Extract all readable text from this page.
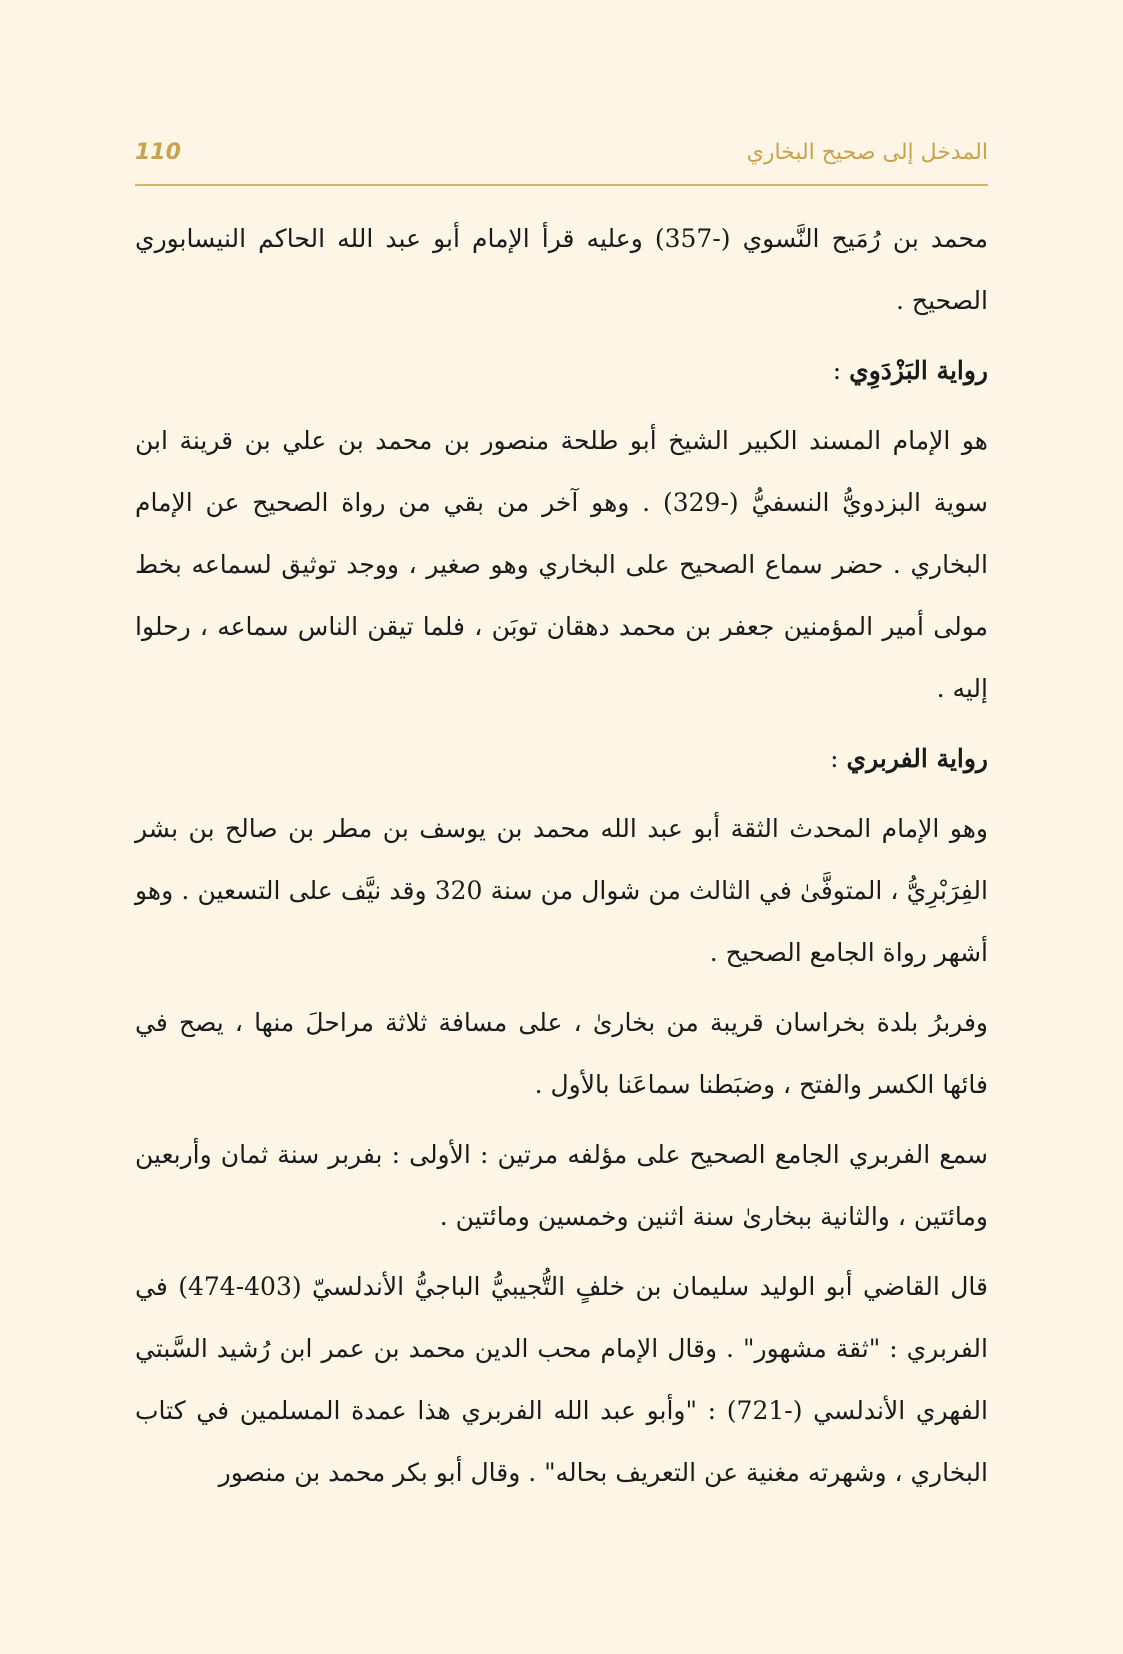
110	المدخل إلى صحيح البخاري

محمد بن رُمَيح النَّسوي (-357) وعليه قرأ الإمام أبو عبد الله الحاكم النيسابوري الصحيح .

رواية البَزْدَوِي :

هو الإمام المسند الكبير الشيخ أبو طلحة منصور بن محمد بن علي بن قرينة ابن سوية البزدويُّ النسفيُّ (-329) . وهو آخر من بقي من رواة الصحيح عن الإمام البخاري . حضر سماع الصحيح على البخاري وهو صغير ، ووجد توثيق لسماعه بخط مولى أمير المؤمنين جعفر بن محمد دهقان توبَن ، فلما تيقن الناس سماعه ، رحلوا إليه .

رواية الفربري :

وهو الإمام المحدث الثقة أبو عبد الله محمد بن يوسف بن مطر بن صالح بن بشر الفِرَبْرِيُّ ، المتوفَّىٰ في الثالث من شوال من سنة 320 وقد نيَّف على التسعين . وهو أشهر رواة الجامع الصحيح .

وفربرُ بلدة بخراسان قريبة من بخارىٰ ، على مسافة ثلاثة مراحلَ منها ، يصح في فائها الكسر والفتح ، وضبَطنا سماعَنا بالأول .

سمع الفربري الجامع الصحيح على مؤلفه مرتين : الأولى : بفربر سنة ثمان وأربعين ومائتين ، والثانية ببخارىٰ سنة اثنين وخمسين ومائتين .

قال القاضي أبو الوليد سليمان بن خلفٍ التُّجيبيُّ الباجيُّ الأندلسيّ (403-474) في الفربري : "ثقة مشهور" . وقال الإمام محب الدين محمد بن عمر ابن رُشيد السَّبتي الفهري الأندلسي (-721) : "وأبو عبد الله الفربري هذا عمدة المسلمين في كتاب البخاري ، وشهرته مغنية عن التعريف بحاله" . وقال أبو بكر محمد بن منصور
